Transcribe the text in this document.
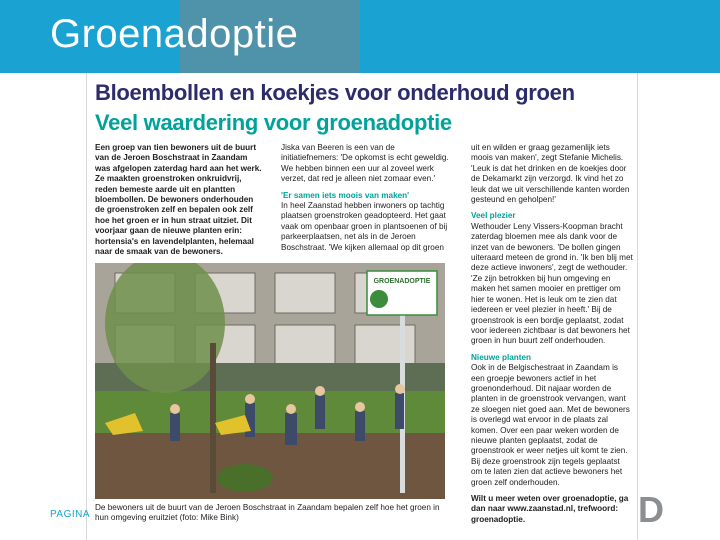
Groenadoptie
Bloembollen en koekjes voor onderhoud groen
Veel waardering voor groenadoptie

Een groep van tien bewoners uit de buurt van de Jeroen Boschstraat in Zaandam was afgelopen zaterdag hard aan het werk. Ze maakten groenstroken onkruidvrij, reden bemeste aarde uit en plantten bloembollen. De bewoners onderhouden de groenstroken zelf en bepalen ook zelf hoe het groen er in hun straat uitziet. Dit voorjaar gaan de nieuwe planten erin: hortensia's en lavendelplanten, helemaal naar de smaak van de bewoners.

Jiska van Beeren is een van de initiatiefnemers: 'De opkomst is echt geweldig. We hebben binnen een uur al zoveel werk verzet, dat red je alleen niet zomaar even.'

'Er samen iets moois van maken'

In heel Zaanstad hebben inwoners op tachtig plaatsen groenstroken geadopteerd. Het gaat vaak om openbaar groen in plantsoenen of bij parkeerplaatsen, net als in de Jeroen Boschstraat. 'We kijken allemaal op dit groen

uit en wilden er graag gezamenlijk iets moois van maken', zegt Stefanie Michelis. 'Leuk is dat het drinken en de koekjes door de Dekamarkt zijn verzorgd. Ik vind het zo leuk dat we uit verschillende kanten worden gesteund en geholpen!'

Veel plezier

Wethouder Leny Vissers-Koopman bracht zaterdag bloemen mee als dank voor de inzet van de bewoners. 'De bollen gingen uiteraard meteen de grond in. 'Ik ben blij met deze actieve inwoners', zegt de wethouder. 'Ze zijn betrokken bij hun omgeving en maken het samen mooier en prettiger om hier te wonen. Het is leuk om te zien dat iedereen er veel plezier in heeft.' Bij de groenstrook is een bordje geplaatst, zodat voor iedereen zichtbaar is dat bewoners het groen in hun buurt zelf onderhouden.

Nieuwe planten

Ook in de Belgischestraat in Zaandam is een groepje bewoners actief in het groenonderhoud. Dit najaar worden de planten in de groenstrook vervangen, want ze sloegen niet goed aan. Met de bewoners is overlegd wat ervoor in de plaats zal komen. Over een paar weken worden de nieuwe planten geplaatst, zodat de groenstrook er weer netjes uit komt te zien. Bij deze groenstrook zijn tegels geplaatst om te laten zien dat actieve bewoners het groen zelf onderhouden.

Wilt u meer weten over groenadoptie, ga dan naar www.zaanstad.nl, trefwoord: groenadoptie.

GROENADOPTIE
De bewoners uit de buurt van de Jeroen Boschstraat in Zaandam bepalen zelf hoe het groen in hun omgeving eruitziet (foto: Mike Bink)
PAGINA	D
